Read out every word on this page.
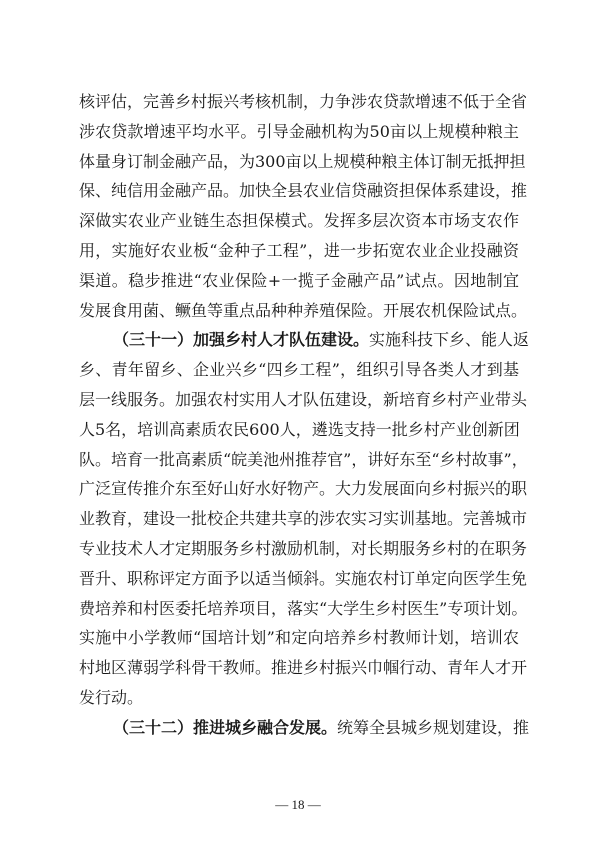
核评估，完善乡村振兴考核机制，力争涉农贷款增速不低于全省
涉农贷款增速平均水平。引导金融机构为50亩以上规模种粮主
体量身订制金融产品，为300亩以上规模种粮主体订制无抵押担
保、纯信用金融产品。加快全县农业信贷融资担保体系建设，推
深做实农业产业链生态担保模式。发挥多层次资本市场支农作
用，实施好农业板“金种子工程”，进一步拓宽农业企业投融资
渠道。稳步推进“农业保险+一揽子金融产品”试点。因地制宜
发展食用菌、鳜鱼等重点品种种养殖保险。开展农机保险试点。
（三十一）加强乡村人才队伍建设。实施科技下乡、能人返
乡、青年留乡、企业兴乡“四乡工程”，组织引导各类人才到基
层一线服务。加强农村实用人才队伍建设，新培育乡村产业带头
人5名，培训高素质农民600人，遴选支持一批乡村产业创新团
队。培育一批高素质“皖美池州推荐官”，讲好东至“乡村故事”，
广泛宣传推介东至好山好水好物产。大力发展面向乡村振兴的职
业教育，建设一批校企共建共享的涉农实习实训基地。完善城市
专业技术人才定期服务乡村激励机制，对长期服务乡村的在职务
晋升、职称评定方面予以适当倾斜。实施农村订单定向医学生免
费培养和村医委托培养项目，落实“大学生乡村医生”专项计划。
实施中小学教师“国培计划”和定向培养乡村教师计划，培训农
村地区薄弱学科骨干教师。推进乡村振兴巾帼行动、青年人才开
发行动。
— 18 —
（三十二）推进城乡融合发展。统筹全县城乡规划建设，推
